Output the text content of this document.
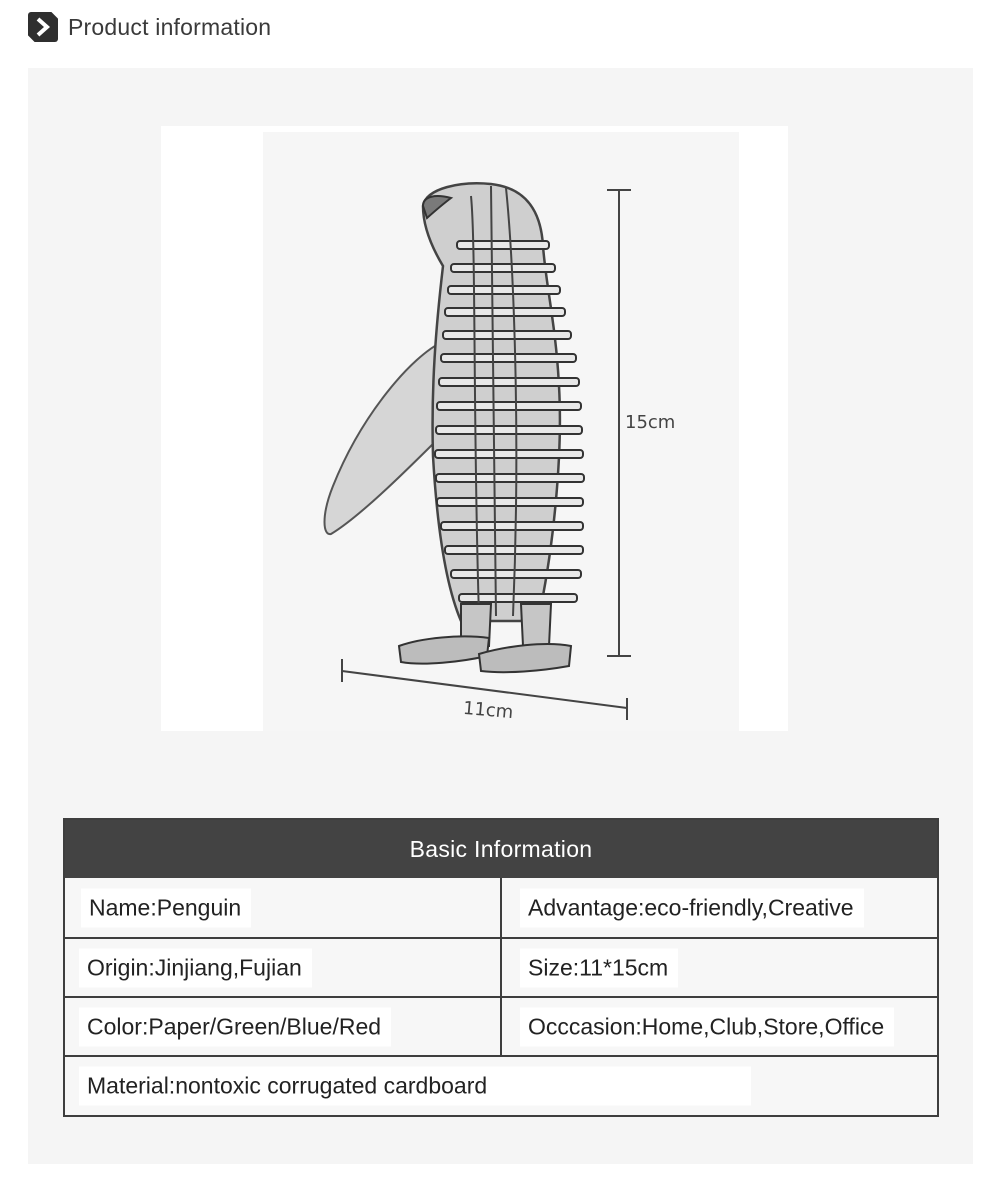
Product information
15cm
11cm
Basic Information
Name:Penguin	Advantage:eco-friendly,Creative
Origin:Jinjiang,Fujian	Size:11*15cm
Color:Paper/Green/Blue/Red	Occcasion:Home,Club,Store,Office
Material:nontoxic corrugated cardboard
